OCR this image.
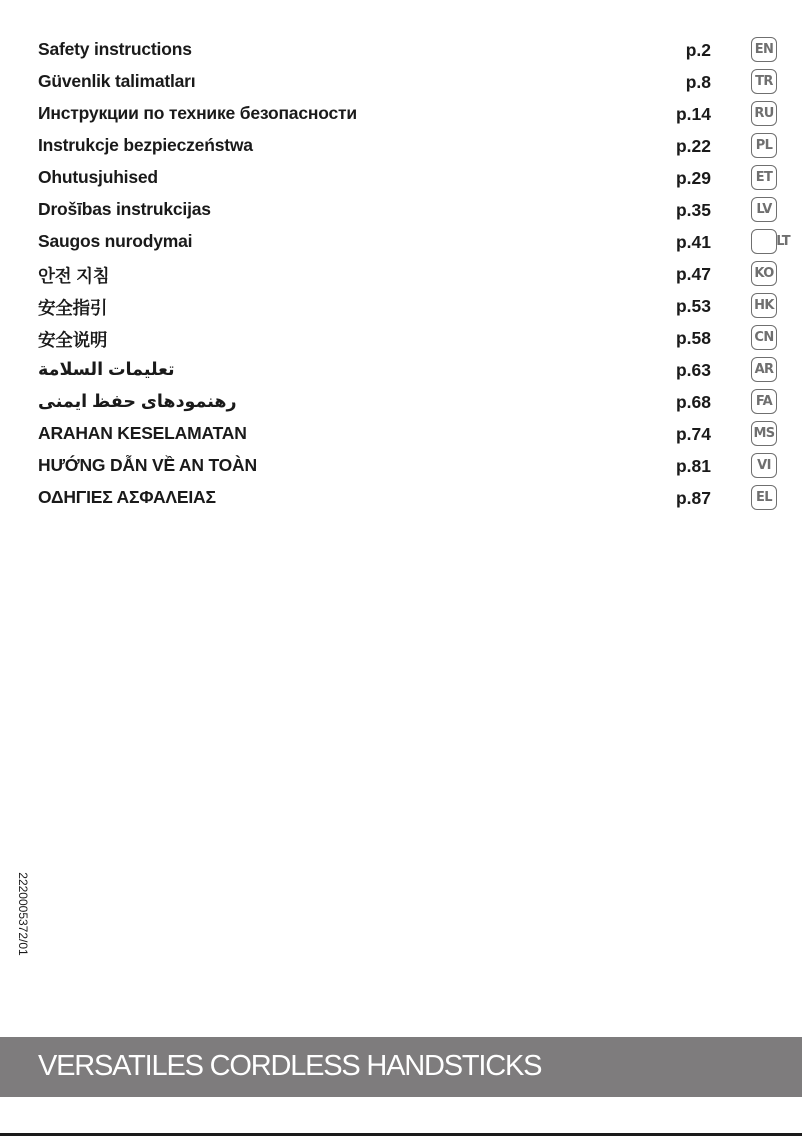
Safety instructions	p.2	EN
Güvenlik talimatları	p.8	TR
Инструкции по технике безопасности	p.14	RU
Instrukcje bezpieczeństwa	p.22	PL
Ohutusjuhised	p.29	ET
Drošības instrukcijas	p.35	LV
Saugos nurodymai	p.41	LT
안전 지침	p.47	KO
安全指引	p.53	HK
安全说明	p.58	CN
تعليمات السلامة	p.63	AR
رهنمودهای حفظ ایمنی	p.68	FA
ARAHAN KESELAMATAN	p.74	MS
HƯỚNG DẪN VỀ AN TOÀN	p.81	VI
ΟΔΗΓΙΕΣ ΑΣΦΑΛΕΙΑΣ	p.87	EL
2220005372/01
VERSATILES CORDLESS HANDSTICKS
